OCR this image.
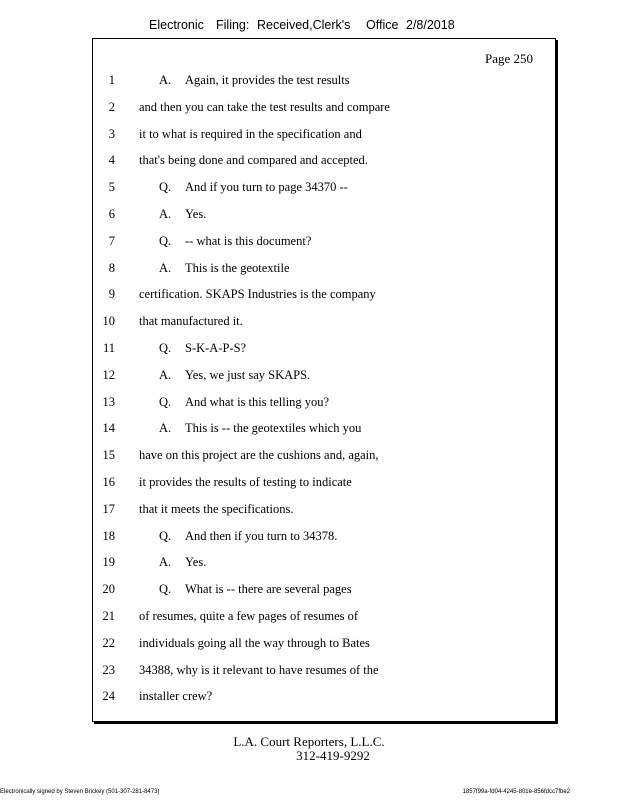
Electronic Filing: Received,Clerk's Office 2/8/2018
Page 250
1	A. Again, it provides the test results
2 and then you can take the test results and compare
3 it to what is required in the specification and
4 that's being done and compared and accepted.
5	Q. And if you turn to page 34370 --
6	A. Yes.
7	Q. -- what is this document?
8	A. This is the geotextile
9 certification. SKAPS Industries is the company
10 that manufactured it.
11	Q. S-K-A-P-S?
12	A. Yes, we just say SKAPS.
13	Q. And what is this telling you?
14	A. This is -- the geotextiles which you
15 have on this project are the cushions and, again,
16 it provides the results of testing to indicate
17 that it meets the specifications.
18	Q. And then if you turn to 34378.
19	A. Yes.
20	Q. What is -- there are several pages
21 of resumes, quite a few pages of resumes of
22 individuals going all the way through to Bates
23 34388, why is it relevant to have resumes of the
24 installer crew?
L.A. Court Reporters, L.L.C.
312-419-9292
Electronically signed by Steven Brickey (501-307-281-8473)	1857f99a-fd04-4245-801e-856fdcc7fbe2
